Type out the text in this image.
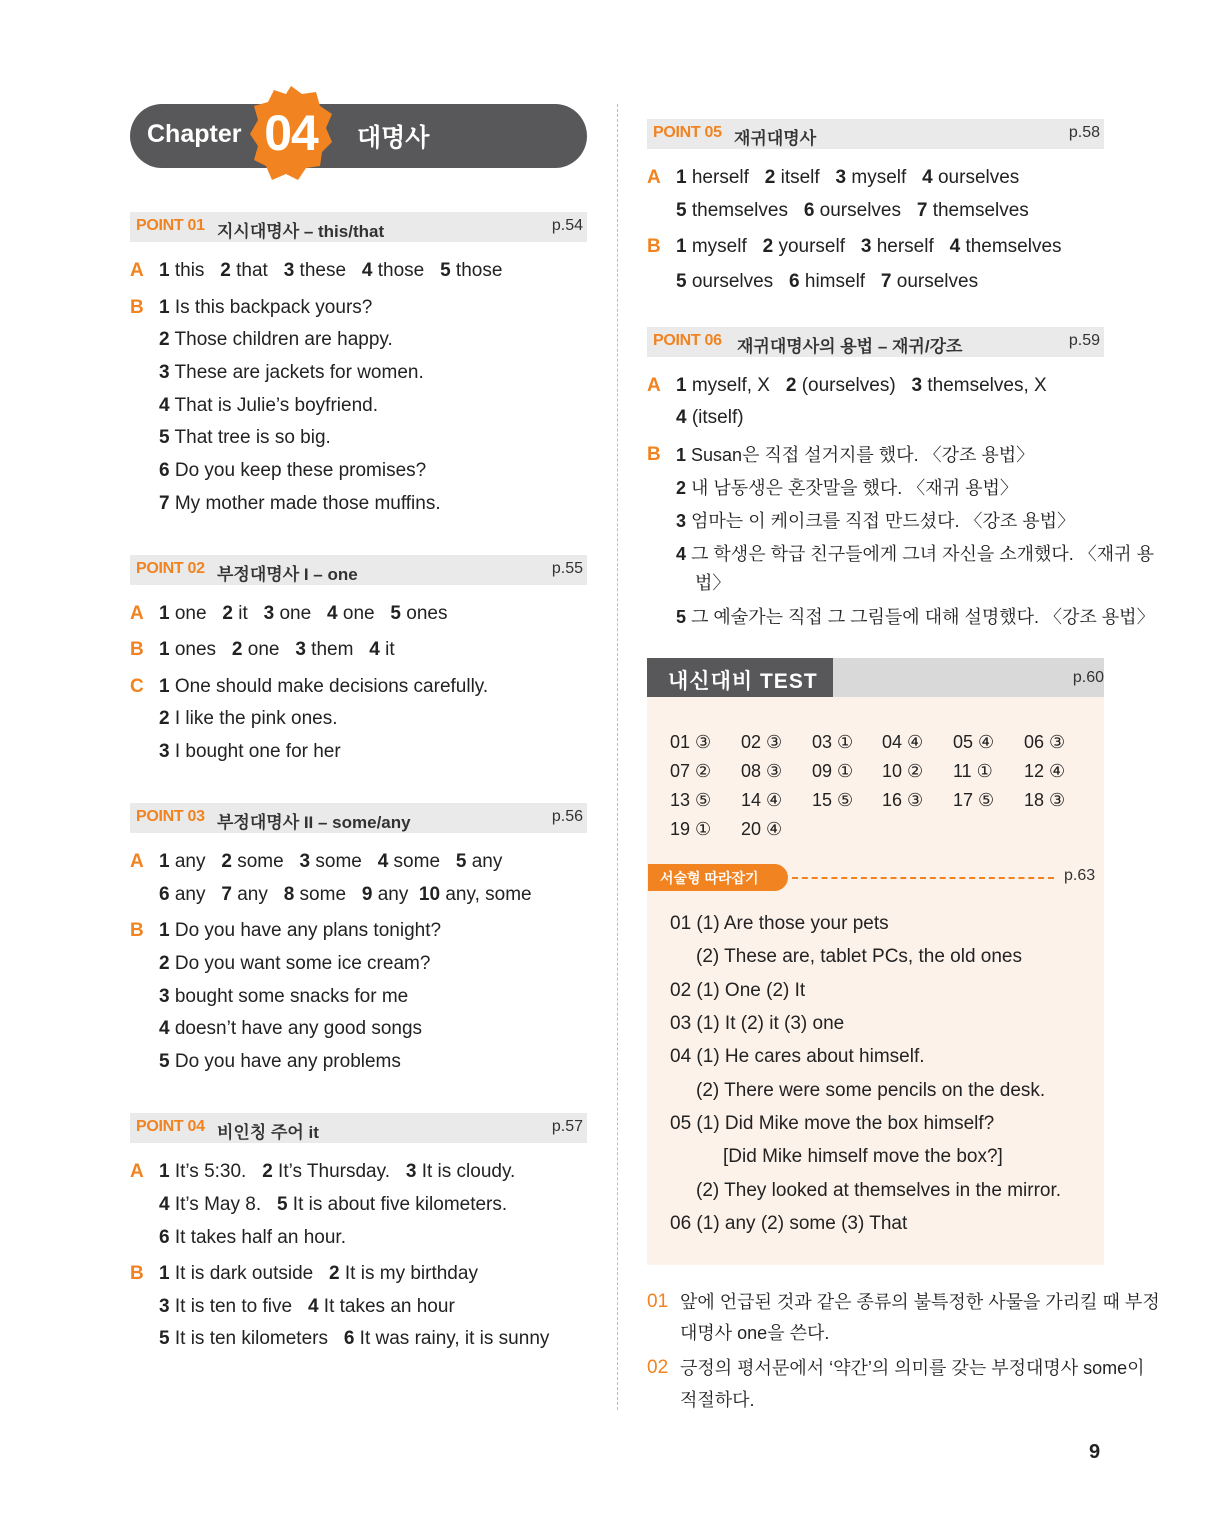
Chapter 04	대명사
POINT 01 지시대명사 – this/that	p.54
A 1 this 2 that 3 these 4 those 5 those
B 1 Is this backpack yours?
2 Those children are happy.
3 These are jackets for women.
4 That is Julie’s boyfriend.
5 That tree is so big.
6 Do you keep these promises?
7 My mother made those muffins.
POINT 02 부정대명사 I – one	p.55
A 1 one 2 it 3 one 4 one 5 ones
B 1 ones 2 one 3 them 4 it
C 1 One should make decisions carefully.
2 I like the pink ones.
3 I bought one for her
POINT 03 부정대명사 II – some/any	p.56
A 1 any 2 some 3 some 4 some 5 any
6 any 7 any 8 some 9 any 10 any, some
B 1 Do you have any plans tonight?
2 Do you want some ice cream?
3 bought some snacks for me
4 doesn’t have any good songs
5 Do you have any problems
POINT 04 비인칭 주어 it	p.57
A 1 It’s 5:30. 2 It’s Thursday. 3 It is cloudy.
4 It’s May 8. 5 It is about five kilometers.
6 It takes half an hour.
B 1 It is dark outside 2 It is my birthday
3 It is ten to five 4 It takes an hour
5 It is ten kilometers 6 It was rainy, it is sunny
POINT 05 재귀대명사	p.58
A 1 herself 2 itself 3 myself 4 ourselves
5 themselves 6 ourselves 7 themselves
B 1 myself 2 yourself 3 herself 4 themselves
5 ourselves 6 himself 7 ourselves
POINT 06 재귀대명사의 용법 – 재귀/강조	p.59
A 1 myself, X 2 (ourselves) 3 themselves, X
4 (itself)
B 1 Susan은 직접 설거지를 했다. 〈강조 용법〉
2 내 남동생은 혼잣말을 했다. 〈재귀 용법〉
3 엄마는 이 케이크를 직접 만드셨다. 〈강조 용법〉
4 그 학생은 학급 친구들에게 그녀 자신을 소개했다. 〈재귀 용
법〉
5 그 예술가는 직접 그 그림들에 대해 설명했다. 〈강조 용법〉
내신대비 TEST	p.60
01 ③ 02 ③ 03 ① 04 ④ 05 ④ 06 ③
07 ② 08 ③ 09 ① 10 ② 11 ① 12 ④
13 ⑤ 14 ④ 15 ⑤ 16 ③ 17 ⑤ 18 ③
19 ① 20 ④
서술형 따라잡기	p.63
01 (1) Are those your pets
(2) These are, tablet PCs, the old ones
02 (1) One (2) It
03 (1) It (2) it (3) one
04 (1) He cares about himself.
(2) There were some pencils on the desk.
05 (1) Did Mike move the box himself?
[Did Mike himself move the box?]
(2) They looked at themselves in the mirror.
06 (1) any (2) some (3) That
01 앞에 언급된 것과 같은 종류의 불특정한 사물을 가리킬 때 부정
대명사 one을 쓴다.
02 긍정의 평서문에서 ‘약간’의 의미를 갖는 부정대명사 some이
적절하다.
9
